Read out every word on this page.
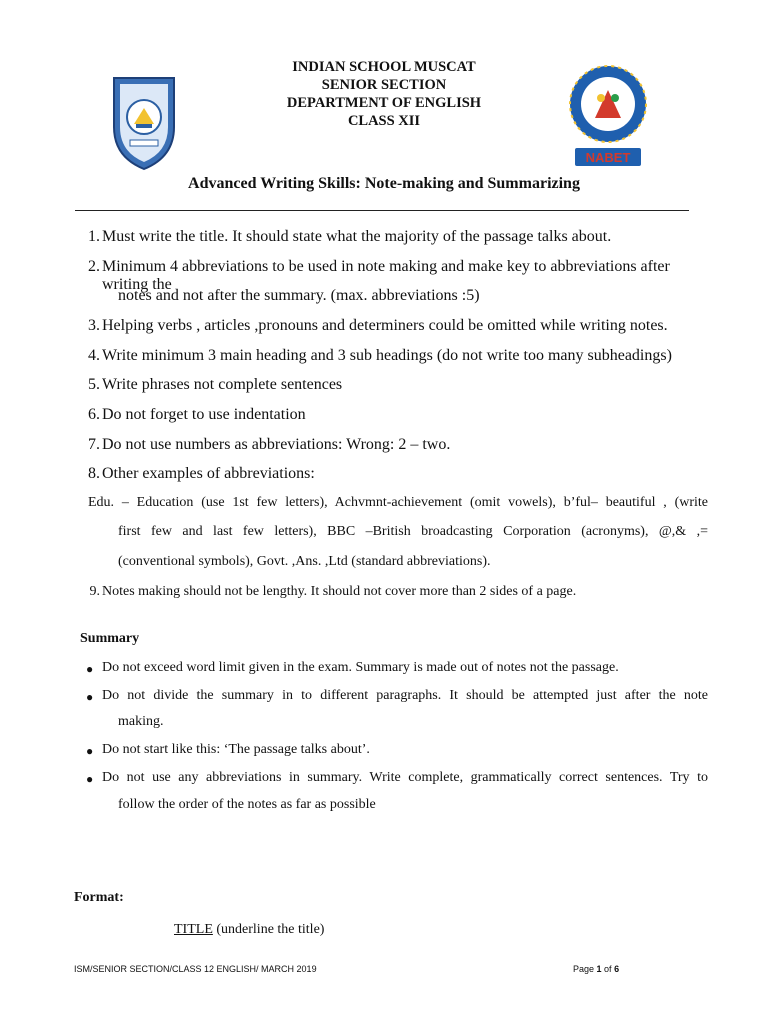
NABET
INDIAN SCHOOL MUSCAT
SENIOR SECTION
DEPARTMENT OF ENGLISH
CLASS XII
Advanced Writing Skills: Note-making and Summarizing
1. Must write the title. It should state what the majority of the passage talks about.
2. Minimum 4 abbreviations to be used in note making and make key to abbreviations after writing the
notes and not after the summary. (max. abbreviations :5)
3. Helping verbs , articles ,pronouns and determiners could be omitted while writing notes.
4. Write minimum 3 main heading and 3 sub headings (do not write too many subheadings)
5. Write phrases not complete sentences
6. Do not forget to use indentation
7. Do not use numbers as abbreviations: Wrong: 2 – two.
8. Other examples of abbreviations:
Edu. – Education (use 1st few letters), Achvmnt-achievement (omit vowels), b’ful– beautiful , (write
first few and last few letters), BBC –British broadcasting Corporation (acronyms), @,& ,=
(conventional symbols), Govt. ,Ans. ,Ltd (standard abbreviations).
9. Notes making should not be lengthy. It should not cover more than 2 sides of a page.
Summary
● Do not exceed word limit given in the exam. Summary is made out of notes not the passage.
● Do not divide the summary in to different paragraphs. It should be attempted just after the note
making.
● Do not start like this: ‘The passage talks about’.
● Do not use any abbreviations in summary. Write complete, grammatically correct sentences. Try to
follow the order of the notes as far as possible
Format:
TITLE (underline the title)
ISM/SENIOR SECTION/CLASS 12 ENGLISH/ MARCH 2019	Page 1 of 6
